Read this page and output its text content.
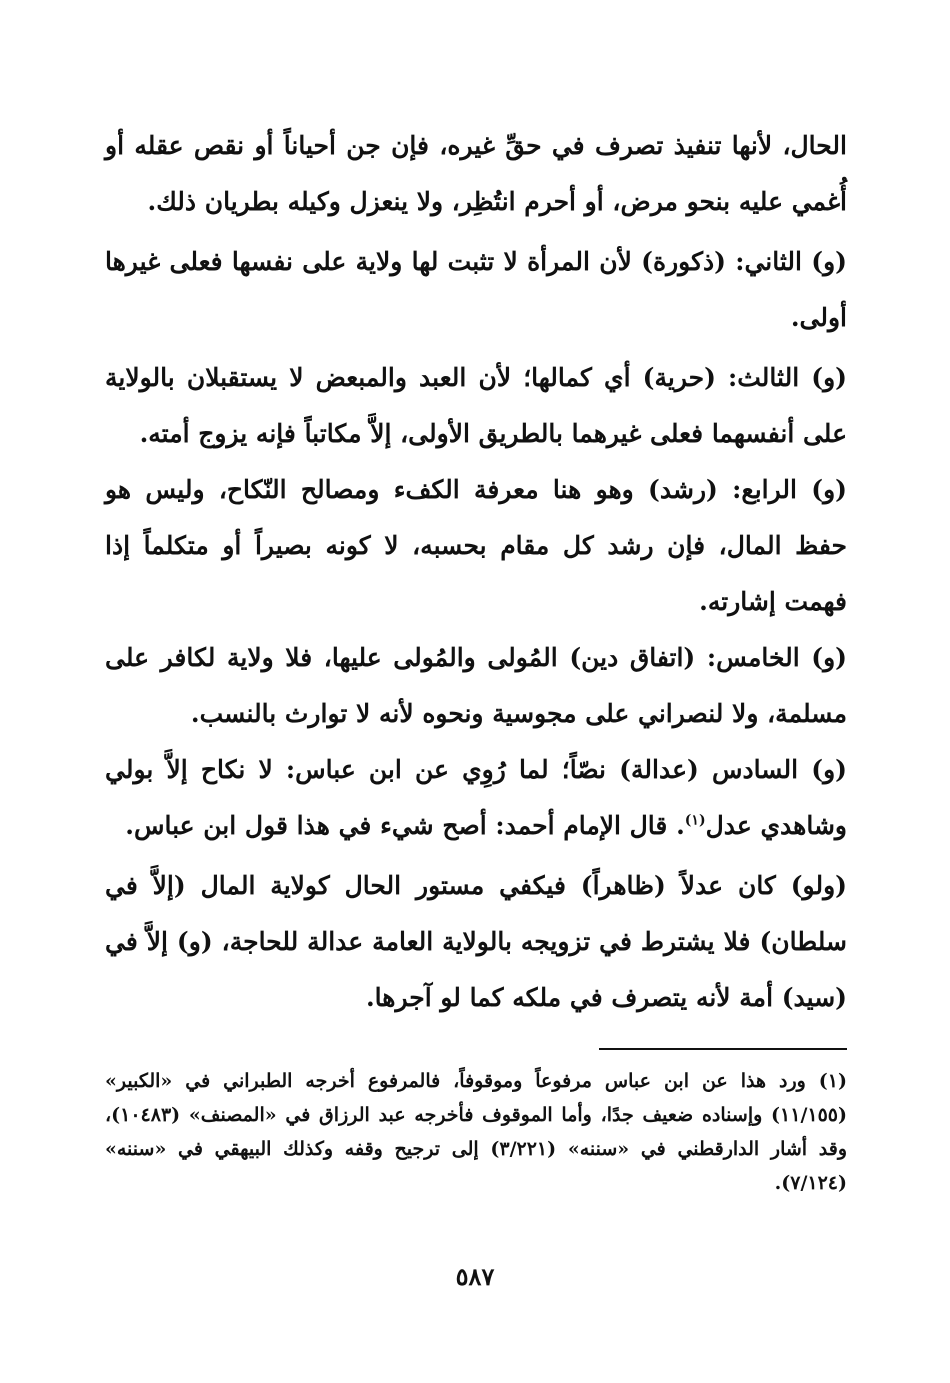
الحال، لأنها تنفيذ تصرف في حقِّ غيره، فإن جن أحياناً أو نقص عقله أو أُغمي عليه بنحو مرض، أو أحرم انتُظِر، ولا ينعزل وكيله بطريان ذلك.

(و) الثاني: (ذكورة) لأن المرأة لا تثبت لها ولاية على نفسها فعلى غيرها أولى.

(و) الثالث: (حرية) أي كمالها؛ لأن العبد والمبعض لا يستقبلان بالولاية على أنفسهما فعلى غيرهما بالطريق الأولى، إلاَّ مكاتباً فإنه يزوج أمته.

(و) الرابع: (رشد) وهو هنا معرفة الكفء ومصالح النّكاح، وليس هو حفظ المال، فإن رشد كل مقام بحسبه، لا كونه بصيراً أو متكلماً إذا فهمت إشارته.

(و) الخامس: (اتفاق دين) المُولى والمُولى عليها، فلا ولاية لكافر على مسلمة، ولا لنصراني على مجوسية ونحوه لأنه لا توارث بالنسب.

(و) السادس (عدالة) نصّاً؛ لما رُوِي عن ابن عباس: لا نكاح إلاَّ بولي وشاهدي عدل$^{(١)}$. قال الإمام أحمد: أصح شيء في هذا قول ابن عباس.

(ولو) كان عدلاً (ظاهراً) فيكفي مستور الحال كولاية المال (إلاَّ في سلطان) فلا يشترط في تزويجه بالولاية العامة عدالة للحاجة، (و) إلاَّ في (سيد) أمة لأنه يتصرف في ملكه كما لو آجرها.

(١) ورد هذا عن ابن عباس مرفوعاً وموقوفاً، فالمرفوع أخرجه الطبراني في «الكبير» (١١/١٥٥) وإسناده ضعيف جدًا، وأما الموقوف فأخرجه عبد الرزاق في «المصنف» (١٠٤٨٣)، وقد أشار الدارقطني في «سننه» (٣/٢٢١) إلى ترجيح وقفه وكذلك البيهقي في «سننه» (٧/١٢٤).
٥٨٧
